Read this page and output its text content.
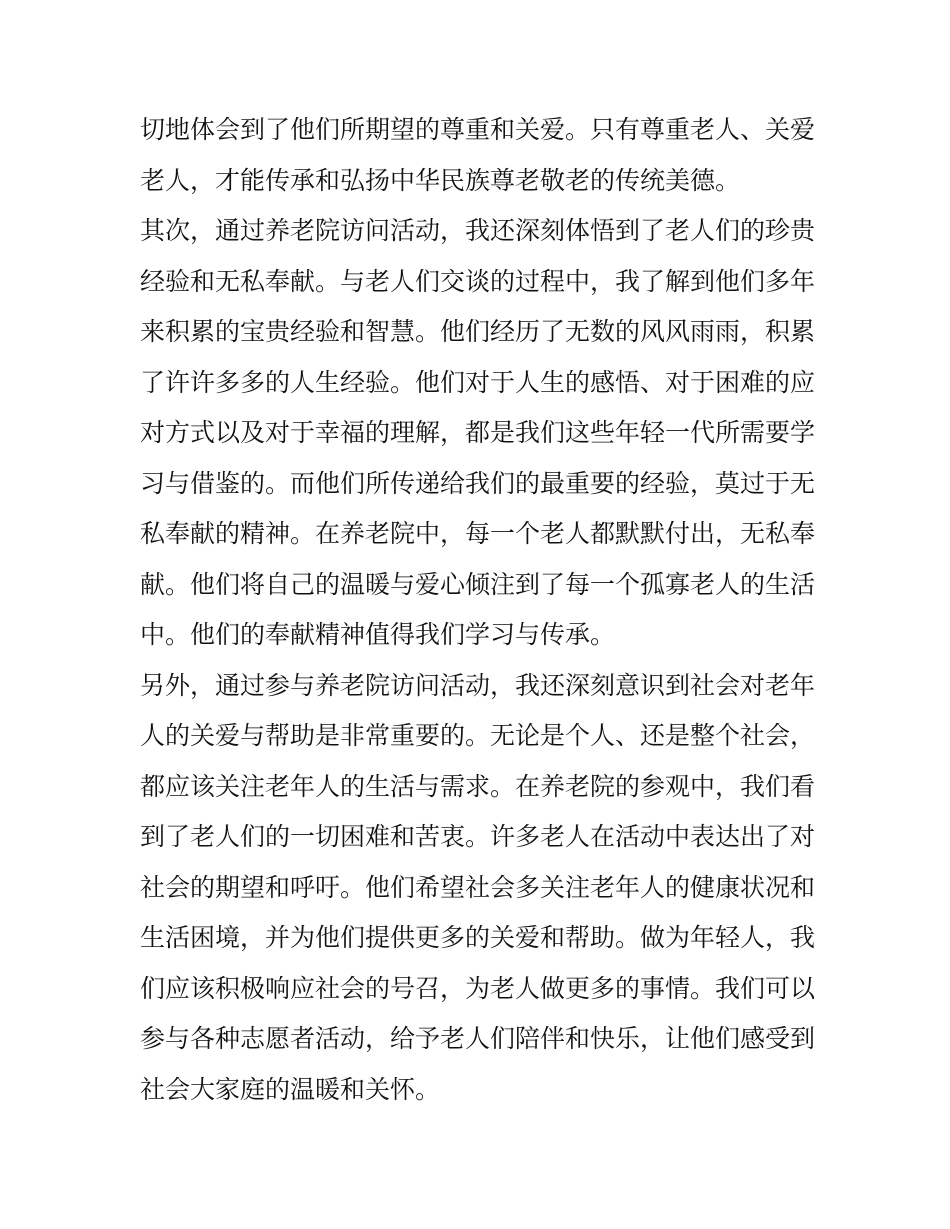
切地体会到了他们所期望的尊重和关爱。只有尊重老人、关爱
老人，才能传承和弘扬中华民族尊老敬老的传统美德。
其次，通过养老院访问活动，我还深刻体悟到了老人们的珍贵
经验和无私奉献。与老人们交谈的过程中，我了解到他们多年
来积累的宝贵经验和智慧。他们经历了无数的风风雨雨，积累
了许许多多的人生经验。他们对于人生的感悟、对于困难的应
对方式以及对于幸福的理解，都是我们这些年轻一代所需要学
习与借鉴的。而他们所传递给我们的最重要的经验，莫过于无
私奉献的精神。在养老院中，每一个老人都默默付出，无私奉
献。他们将自己的温暖与爱心倾注到了每一个孤寡老人的生活
中。他们的奉献精神值得我们学习与传承。
另外，通过参与养老院访问活动，我还深刻意识到社会对老年
人的关爱与帮助是非常重要的。无论是个人、还是整个社会，
都应该关注老年人的生活与需求。在养老院的参观中，我们看
到了老人们的一切困难和苦衷。许多老人在活动中表达出了对
社会的期望和呼吁。他们希望社会多关注老年人的健康状况和
生活困境，并为他们提供更多的关爱和帮助。做为年轻人，我
们应该积极响应社会的号召，为老人做更多的事情。我们可以
参与各种志愿者活动，给予老人们陪伴和快乐，让他们感受到
社会大家庭的温暖和关怀。
